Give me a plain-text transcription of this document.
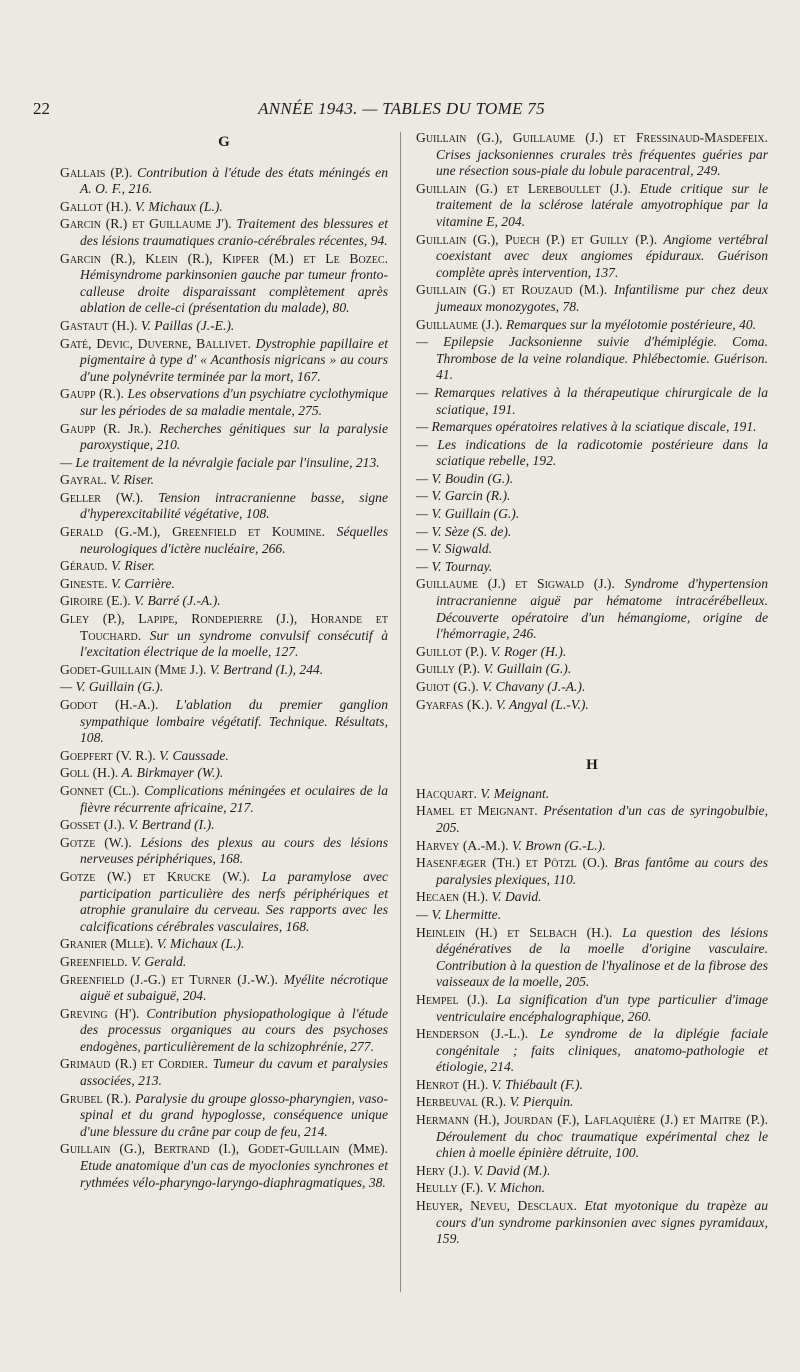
22	ANNÉE 1943. — TABLES DU TOME 75
G
Gallais (P.). Contribution à l'étude des états méningés en A. O. F., 216.
Gallot (H.). V. Michaux (L.).
Garcin (R.) et Guillaume J'). Traitement des blessures et des lésions traumatiques cranio-cérébrales récentes, 94.
Garcin (R.), Klein (R.), Kipfer (M.) et Le Bozec. Hémisyndrome parkinsonien gauche par tumeur fronto-calleuse droite disparaissant complètement après ablation de celle-ci (présentation du malade), 80.
Gastaut (H.). V. Paillas (J.-E.).
Gaté, Devic, Duverne, Ballivet. Dystrophie papillaire et pigmentaire à type d' « Acanthosis nigricans » au cours d'une polynévrite terminée par la mort, 167.
Gaupp (R.). Les observations d'un psychiatre cyclothymique sur les périodes de sa maladie mentale, 275.
Gaupp (R. Jr.). Recherches génitiques sur la paralysie paroxystique, 210.
— Le traitement de la névralgie faciale par l'insuline, 213.
Gayral. V. Riser.
Geller (W.). Tension intracranienne basse, signe d'hyperexcitabilité végétative, 108.
Gerald (G.-M.), Greenfield et Koumine. Séquelles neurologiques d'ictère nucléaire, 266.
Géraud. V. Riser.
Gineste. V. Carrière.
Giroire (E.). V. Barré (J.-A.).
Gley (P.), Lapipe, Rondepierre (J.), Horande et Touchard. Sur un syndrome convulsif consécutif à l'excitation électrique de la moelle, 127.
Godet-Guillain (Mme J.). V. Bertrand (I.), 244.
— V. Guillain (G.).
Godot (H.-A.). L'ablation du premier ganglion sympathique lombaire végétatif. Technique. Résultats, 108.
Goepfert (V. R.). V. Caussade.
Goll (H.). A. Birkmayer (W.).
Gonnet (Cl.). Complications méningées et oculaires de la fièvre récurrente africaine, 217.
Gosset (J.). V. Bertrand (I.).
Gotze (W.). Lésions des plexus au cours des lésions nerveuses périphériques, 168.
Gotze (W.) et Krucke (W.). La paramylose avec participation particulière des nerfs périphériques et atrophie granulaire du cerveau. Ses rapports avec les calcifications cérébrales vasculaires, 168.
Granier (Mlle). V. Michaux (L.).
Greenfield. V. Gerald.
Greenfield (J.-G.) et Turner (J.-W.). Myélite nécrotique aiguë et subaiguë, 204.
Greving (H'). Contribution physiopathologique à l'étude des processus organiques au cours des psychoses endogènes, particulièrement de la schizophrénie, 277.
Grimaud (R.) et Cordier. Tumeur du cavum et paralysies associées, 213.
Grubel (R.). Paralysie du groupe glosso-pharyngien, vaso-spinal et du grand hypoglosse, conséquence unique d'une blessure du crâne par coup de feu, 214.
Guillain (G.), Bertrand (I.), Godet-Guillain (Mme). Etude anatomique d'un cas de myoclonies synchrones et rythmées vélo-pharyngo-laryngo-diaphragmatiques, 38.
Guillain (G.), Guillaume (J.) et Fressinaud-Masdefeix. Crises jacksoniennes crurales très fréquentes guéries par une résection sous-piale du lobule paracentral, 249.
Guillain (G.) et Lereboullet (J.). Etude critique sur le traitement de la sclérose latérale amyotrophique par la vitamine E, 204.
Guillain (G.), Puech (P.) et Guilly (P.). Angiome vertébral coexistant avec deux angiomes épiduraux. Guérison complète après intervention, 137.
Guillain (G.) et Rouzaud (M.). Infantilisme pur chez deux jumeaux monozygotes, 78.
Guillaume (J.). Remarques sur la myélotomie postérieure, 40.
— Epilepsie Jacksonienne suivie d'hémiplégie. Coma. Thrombose de la veine rolandique. Phlébectomie. Guérison. 41.
— Remarques relatives à la thérapeutique chirurgicale de la sciatique, 191.
— Remarques opératoires relatives à la sciatique discale, 191.
— Les indications de la radicotomie postérieure dans la sciatique rebelle, 192.
— V. Boudin (G.).
— V. Garcin (R.).
— V. Guillain (G.).
— V. Sèze (S. de).
— V. Sigwald.
— V. Tournay.
Guillaume (J.) et Sigwald (J.). Syndrome d'hypertension intracranienne aiguë par hématome intracérébelleux. Découverte opératoire d'un hémangiome, origine de l'hémorragie, 246.
Guillot (P.). V. Roger (H.).
Guilly (P.). V. Guillain (G.).
Guiot (G.). V. Chavany (J.-A.).
Gyarfas (K.). V. Angyal (L.-V.).
H
Hacquart. V. Meignant.
Hamel et Meignant. Présentation d'un cas de syringobulbie, 205.
Harvey (A.-M.). V. Brown (G.-L.).
Hasenfæger (Th.) et Pötzl (O.). Bras fantôme au cours des paralysies plexiques, 110.
Hecaen (H.). V. David.
— V. Lhermitte.
Heinlein (H.) et Selbach (H.). La question des lésions dégénératives de la moelle d'origine vasculaire. Contribution à la question de l'hyalinose et de la fibrose des vaisseaux de la moelle, 205.
Hempel (J.). La signification d'un type particulier d'image ventriculaire encéphalographique, 260.
Henderson (J.-L.). Le syndrome de la diplégie faciale congénitale ; faits cliniques, anatomo-pathologie et étiologie, 214.
Henrot (H.). V. Thiébault (F.).
Herbeuval (R.). V. Pierquin.
Hermann (H.), Jourdan (F.), Laflaquière (J.) et Maitre (P.). Déroulement du choc traumatique expérimental chez le chien à moelle épinière détruite, 100.
Hery (J.). V. David (M.).
Heully (F.). V. Michon.
Heuyer, Neveu, Desclaux. Etat myotonique du trapèze au cours d'un syndrome parkinsonien avec signes pyramidaux, 159.
